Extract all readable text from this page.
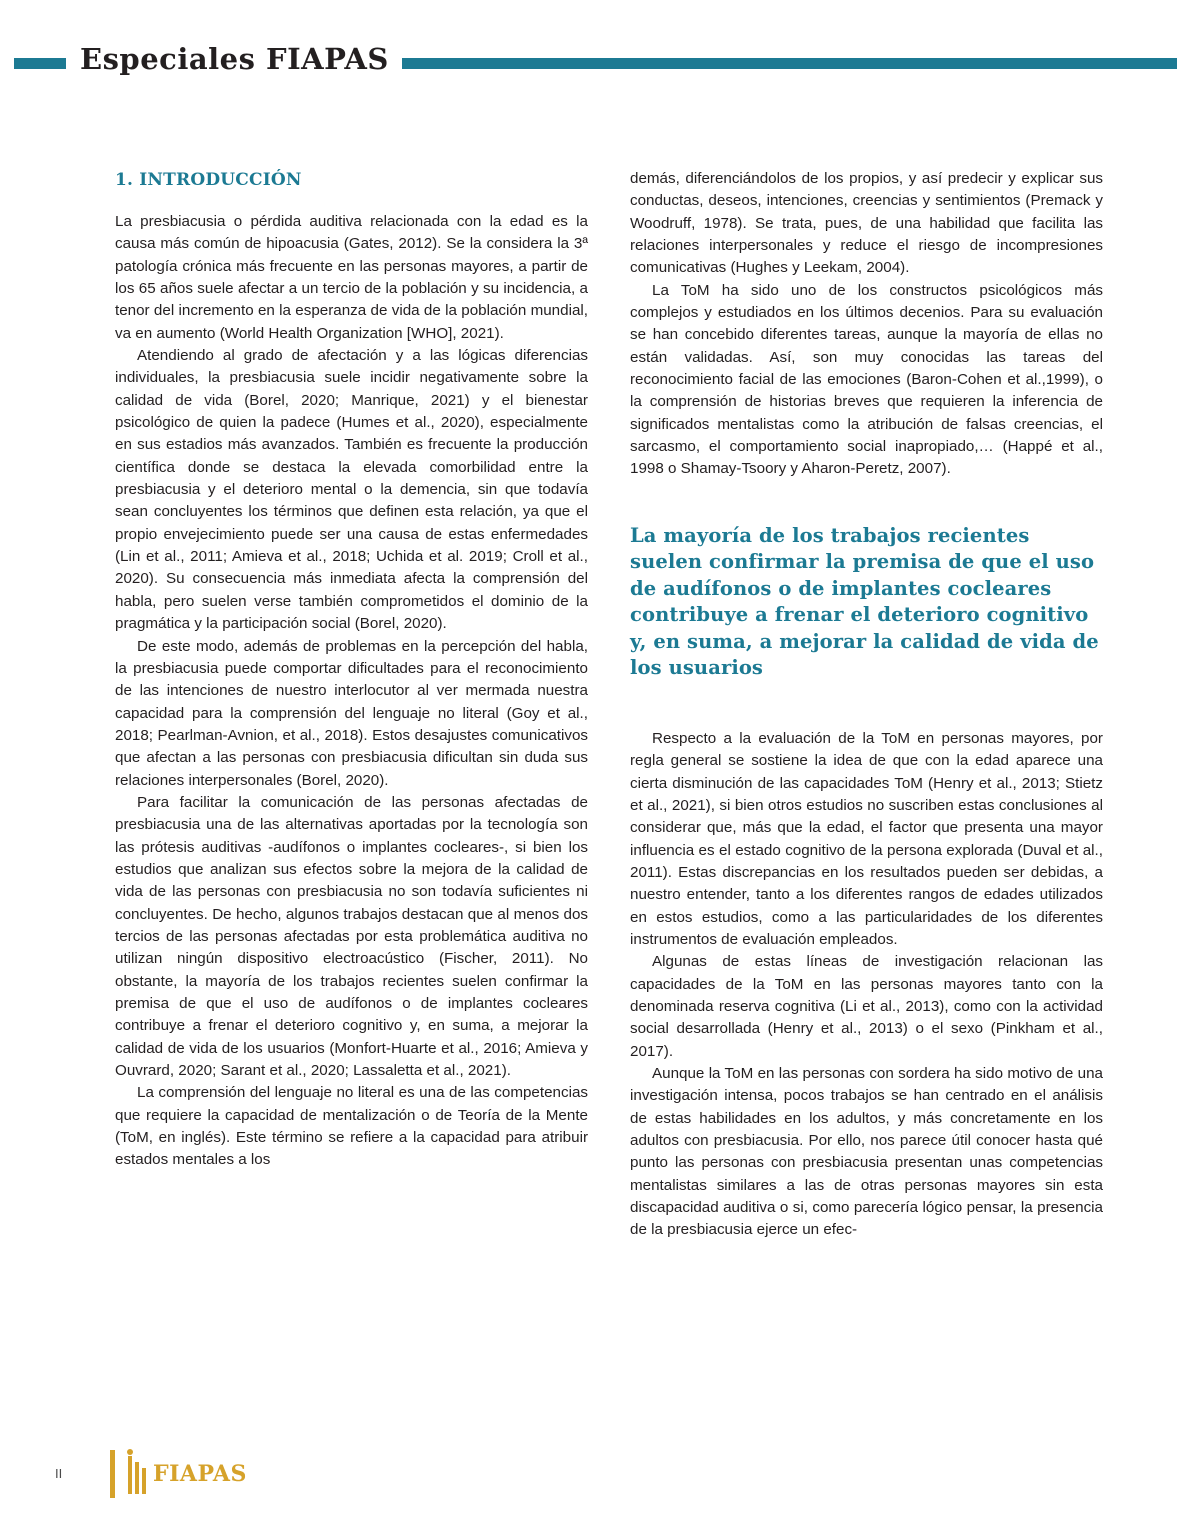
Especiales FIAPAS
1. INTRODUCCIÓN

La presbiacusia o pérdida auditiva relacionada con la edad es la causa más común de hipoacusia (Gates, 2012). Se la considera la 3ª patología crónica más frecuente en las personas mayores, a partir de los 65 años suele afectar a un tercio de la población y su incidencia, a tenor del incremento en la esperanza de vida de la población mundial, va en aumento (World Health Organization [WHO], 2021).

Atendiendo al grado de afectación y a las lógicas diferencias individuales, la presbiacusia suele incidir negativamente sobre la calidad de vida (Borel, 2020; Manrique, 2021) y el bienestar psicológico de quien la padece (Humes et al., 2020), especialmente en sus estadios más avanzados. También es frecuente la producción científica donde se destaca la elevada comorbilidad entre la presbiacusia y el deterioro mental o la demencia, sin que todavía sean concluyentes los términos que definen esta relación, ya que el propio envejecimiento puede ser una causa de estas enfermedades (Lin et al., 2011; Amieva et al., 2018; Uchida et al. 2019; Croll et al., 2020). Su consecuencia más inmediata afecta la comprensión del habla, pero suelen verse también comprometidos el dominio de la pragmática y la participación social (Borel, 2020).

De este modo, además de problemas en la percepción del habla, la presbiacusia puede comportar dificultades para el reconocimiento de las intenciones de nuestro interlocutor al ver mermada nuestra capacidad para la comprensión del lenguaje no literal (Goy et al., 2018; Pearlman-Avnion, et al., 2018). Estos desajustes comunicativos que afectan a las personas con presbiacusia dificultan sin duda sus relaciones interpersonales (Borel, 2020).

Para facilitar la comunicación de las personas afectadas de presbiacusia una de las alternativas aportadas por la tecnología son las prótesis auditivas -audífonos o implantes cocleares-, si bien los estudios que analizan sus efectos sobre la mejora de la calidad de vida de las personas con presbiacusia no son todavía suficientes ni concluyentes. De hecho, algunos trabajos destacan que al menos dos tercios de las personas afectadas por esta problemática auditiva no utilizan ningún dispositivo electroacústico (Fischer, 2011). No obstante, la mayoría de los trabajos recientes suelen confirmar la premisa de que el uso de audífonos o de implantes cocleares contribuye a frenar el deterioro cognitivo y, en suma, a mejorar la calidad de vida de los usuarios (Monfort-Huarte et al., 2016; Amieva y Ouvrard, 2020; Sarant et al., 2020; Lassaletta et al., 2021).

La comprensión del lenguaje no literal es una de las competencias que requiere la capacidad de mentalización o de Teoría de la Mente (ToM, en inglés). Este término se refiere a la capacidad para atribuir estados mentales a los

demás, diferenciándolos de los propios, y así predecir y explicar sus conductas, deseos, intenciones, creencias y sentimientos (Premack y Woodruff, 1978). Se trata, pues, de una habilidad que facilita las relaciones interpersonales y reduce el riesgo de incompresiones comunicativas (Hughes y Leekam, 2004).

La ToM ha sido uno de los constructos psicológicos más complejos y estudiados en los últimos decenios. Para su evaluación se han concebido diferentes tareas, aunque la mayoría de ellas no están validadas. Así, son muy conocidas las tareas del reconocimiento facial de las emociones (Baron-Cohen et al.,1999), o la comprensión de historias breves que requieren la inferencia de significados mentalistas como la atribución de falsas creencias, el sarcasmo, el comportamiento social inapropiado,… (Happé et al., 1998 o Shamay-Tsoory y Aharon-Peretz, 2007).

La mayoría de los trabajos recientes suelen confirmar la premisa de que el uso de audífonos o de implantes cocleares contribuye a frenar el deterioro cognitivo y, en suma, a mejorar la calidad de vida de los usuarios

Respecto a la evaluación de la ToM en personas mayores, por regla general se sostiene la idea de que con la edad aparece una cierta disminución de las capacidades ToM (Henry et al., 2013; Stietz et al., 2021), si bien otros estudios no suscriben estas conclusiones al considerar que, más que la edad, el factor que presenta una mayor influencia es el estado cognitivo de la persona explorada (Duval et al., 2011). Estas discrepancias en los resultados pueden ser debidas, a nuestro entender, tanto a los diferentes rangos de edades utilizados en estos estudios, como a las particularidades de los diferentes instrumentos de evaluación empleados.

Algunas de estas líneas de investigación relacionan las capacidades de la ToM en las personas mayores tanto con la denominada reserva cognitiva (Li et al., 2013), como con la actividad social desarrollada (Henry et al., 2013) o el sexo (Pinkham et al., 2017).

Aunque la ToM en las personas con sordera ha sido motivo de una investigación intensa, pocos trabajos se han centrado en el análisis de estas habilidades en los adultos, y más concretamente en los adultos con presbiacusia. Por ello, nos parece útil conocer hasta qué punto las personas con presbiacusia presentan unas competencias mentalistas similares a las de otras personas mayores sin esta discapacidad auditiva o si, como parecería lógico pensar, la presencia de la presbiacusia ejerce un efec-

II	FIAPAS
